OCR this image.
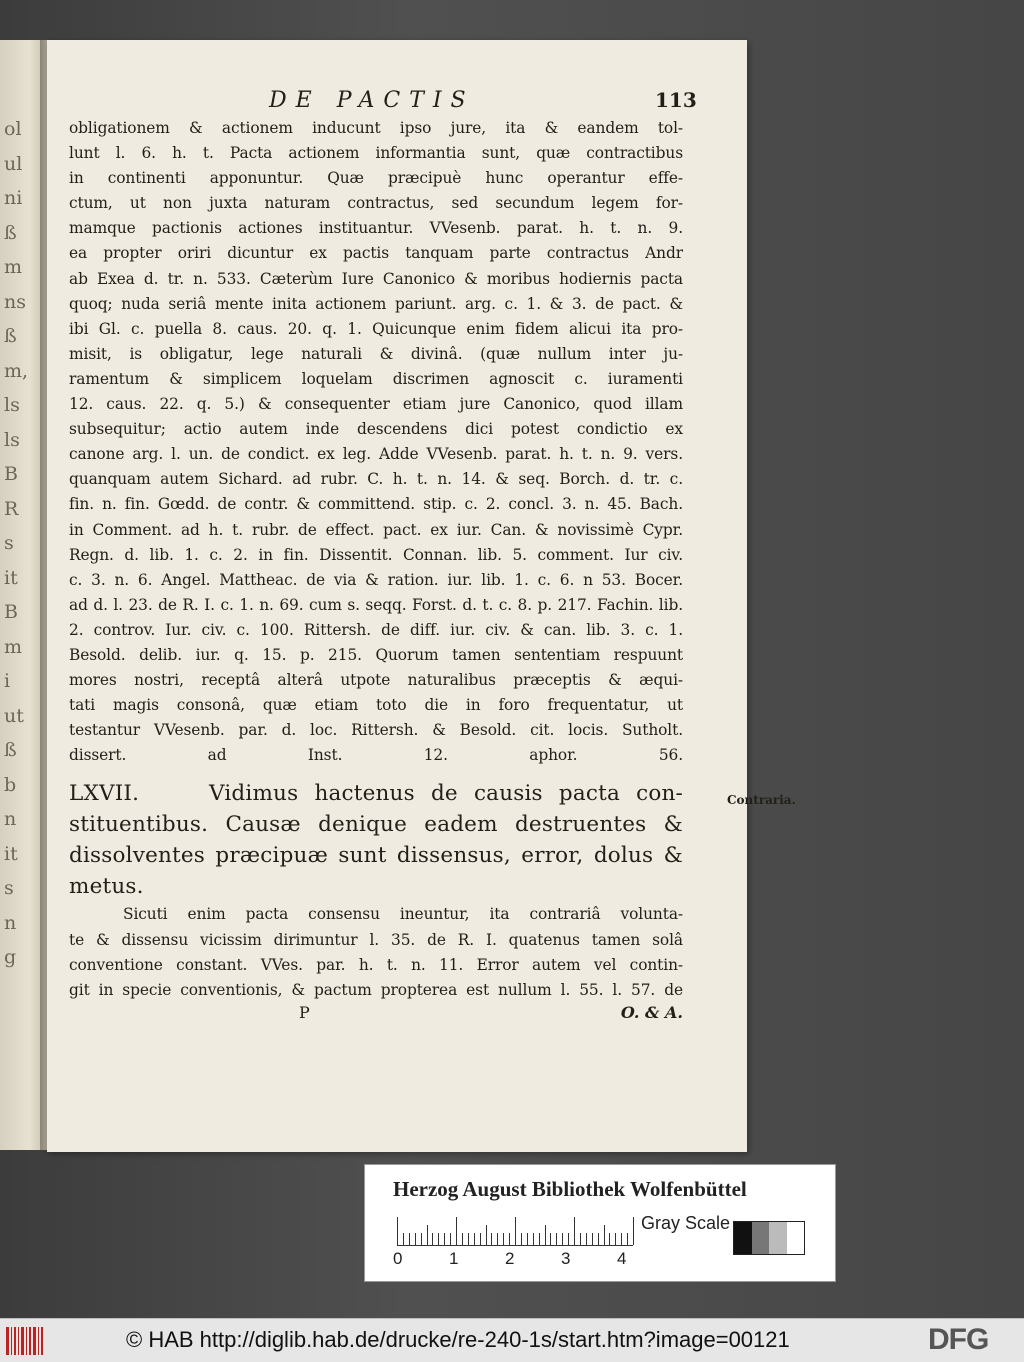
ol
ul
ni
ß
m
ns
ß
m,
ls
ls
B
R
s
it
B
m
i
ut
ß
b
n
it
s
n
g
DE PACTIS	113
obligationem & actionem inducunt ipso jure, ita & eandem tol-
lunt l. 6. h. t. Pacta actionem informantia sunt, quæ contractibus
in continenti apponuntur. Quæ præcipuè hunc operantur effe-
ctum, ut non juxta naturam contractus, sed secundum legem for-
mamque pactionis actiones instituantur. VVesenb. parat. h. t. n. 9.
ea propter oriri dicuntur ex pactis tanquam parte contractus Andr
ab Exea d. tr. n. 533. Cæterùm Iure Canonico & moribus hodiernis pacta
quoq; nuda seriâ mente inita actionem pariunt. arg. c. 1. & 3. de pact. &
ibi Gl. c. puella 8. caus. 20. q. 1. Quicunque enim fidem alicui ita pro-
misit, is obligatur, lege naturali & divinâ. (quæ nullum inter ju-
ramentum & simplicem loquelam discrimen agnoscit c. iuramenti
12. caus. 22. q. 5.) & consequenter etiam jure Canonico, quod illam
subsequitur; actio autem inde descendens dici potest condictio ex
canone arg. l. un. de condict. ex leg. Adde VVesenb. parat. h. t. n. 9. vers.
quanquam autem Sichard. ad rubr. C. h. t. n. 14. & seq. Borch. d. tr. c.
fin. n. fin. Gœdd. de contr. & committend. stip. c. 2. concl. 3. n. 45. Bach.
in Comment. ad h. t. rubr. de effect. pact. ex iur. Can. & novissimè Cypr.
Regn. d. lib. 1. c. 2. in fin. Dissentit. Connan. lib. 5. comment. Iur civ.
c. 3. n. 6. Angel. Mattheac. de via & ration. iur. lib. 1. c. 6. n 53. Bocer.
ad d. l. 23. de R. I. c. 1. n. 69. cum s. seqq. Forst. d. t. c. 8. p. 217. Fachin. lib.
2. controv. Iur. civ. c. 100. Rittersh. de diff. iur. civ. & can. lib. 3. c. 1.
Besold. delib. iur. q. 15. p. 215. Quorum tamen sententiam respuunt
mores nostri, receptâ alterâ utpote naturalibus præceptis & æqui-
tati magis consonâ, quæ etiam toto die in foro frequentatur, ut
testantur VVesenb. par. d. loc. Rittersh. & Besold. cit. locis. Sutholt.
dissert. ad Inst. 12. aphor. 56.
LXVII.	Vidimus hactenus de causis pacta con-
stituentibus. Causæ denique eadem destruentes &
dissolventes præcipuæ sunt dissensus, error, dolus &
metus.
Sicuti enim pacta consensu ineuntur, ita contrariâ volunta-
te & dissensu vicissim dirimuntur l. 35. de R. I. quatenus tamen solâ
conventione constant. VVes. par. h. t. n. 11. Error autem vel contin-
git in specie conventionis, & pactum propterea est nullum l. 55. l. 57. de
P	O. & A.
Contraria.
Herzog August Bibliothek Wolfenbüttel
0	1	2	3	4
Gray Scale
© HAB http://diglib.hab.de/drucke/re-240-1s/start.htm?image=00121	DFG
